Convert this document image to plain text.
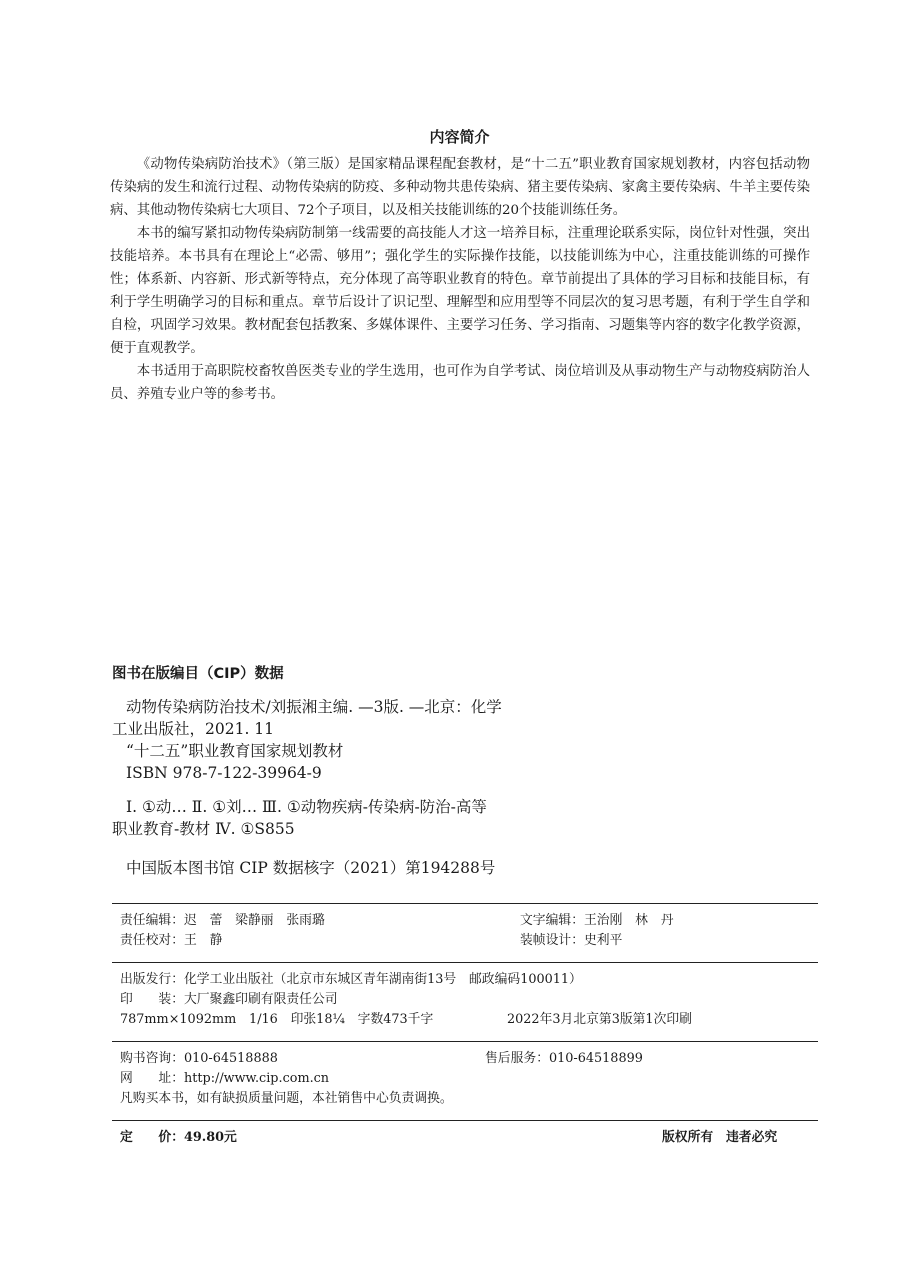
内容简介

《动物传染病防治技术》（第三版）是国家精品课程配套教材，是“十二五”职业教育国家规划教材，内容包括动物传染病的发生和流行过程、动物传染病的防疫、多种动物共患传染病、猪主要传染病、家禽主要传染病、牛羊主要传染病、其他动物传染病七大项目、72个子项目，以及相关技能训练的20个技能训练任务。

本书的编写紧扣动物传染病防制第一线需要的高技能人才这一培养目标，注重理论联系实际，岗位针对性强，突出技能培养。本书具有在理论上“必需、够用”；强化学生的实际操作技能，以技能训练为中心，注重技能训练的可操作性；体系新、内容新、形式新等特点，充分体现了高等职业教育的特色。章节前提出了具体的学习目标和技能目标，有利于学生明确学习的目标和重点。章节后设计了识记型、理解型和应用型等不同层次的复习思考题，有利于学生自学和自检，巩固学习效果。教材配套包括教案、多媒体课件、主要学习任务、学习指南、习题集等内容的数字化教学资源，便于直观教学。

本书适用于高职院校畜牧兽医类专业的学生选用，也可作为自学考试、岗位培训及从事动物生产与动物疫病防治人员、养殖专业户等的参考书。

图书在版编目（CIP）数据
动物传染病防治技术/刘振湘主编. —3版. —北京：化学
工业出版社，2021. 11
“十二五”职业教育国家规划教材
ISBN 978-7-122-39964-9
Ⅰ. ①动… Ⅱ. ①刘… Ⅲ. ①动物疾病-传染病-防治-高等
职业教育-教材 Ⅳ. ①S855
中国版本图书馆 CIP 数据核字（2021）第194288号
责任编辑：迟　蕾　梁静丽　张雨璐	文字编辑：王治刚　林　丹
责任校对：王　静	装帧设计：史利平
出版发行：化学工业出版社（北京市东城区青年湖南街13号　邮政编码100011）
印　　装：大厂聚鑫印刷有限责任公司
787mm×1092mm　1/16　印张18¼　字数473千字	2022年3月北京第3版第1次印刷
购书咨询：010-64518888	售后服务：010-64518899
网　　址：http://www.cip.com.cn
凡购买本书，如有缺损质量问题，本社销售中心负责调换。
定　　价：49.80元	版权所有　违者必究
